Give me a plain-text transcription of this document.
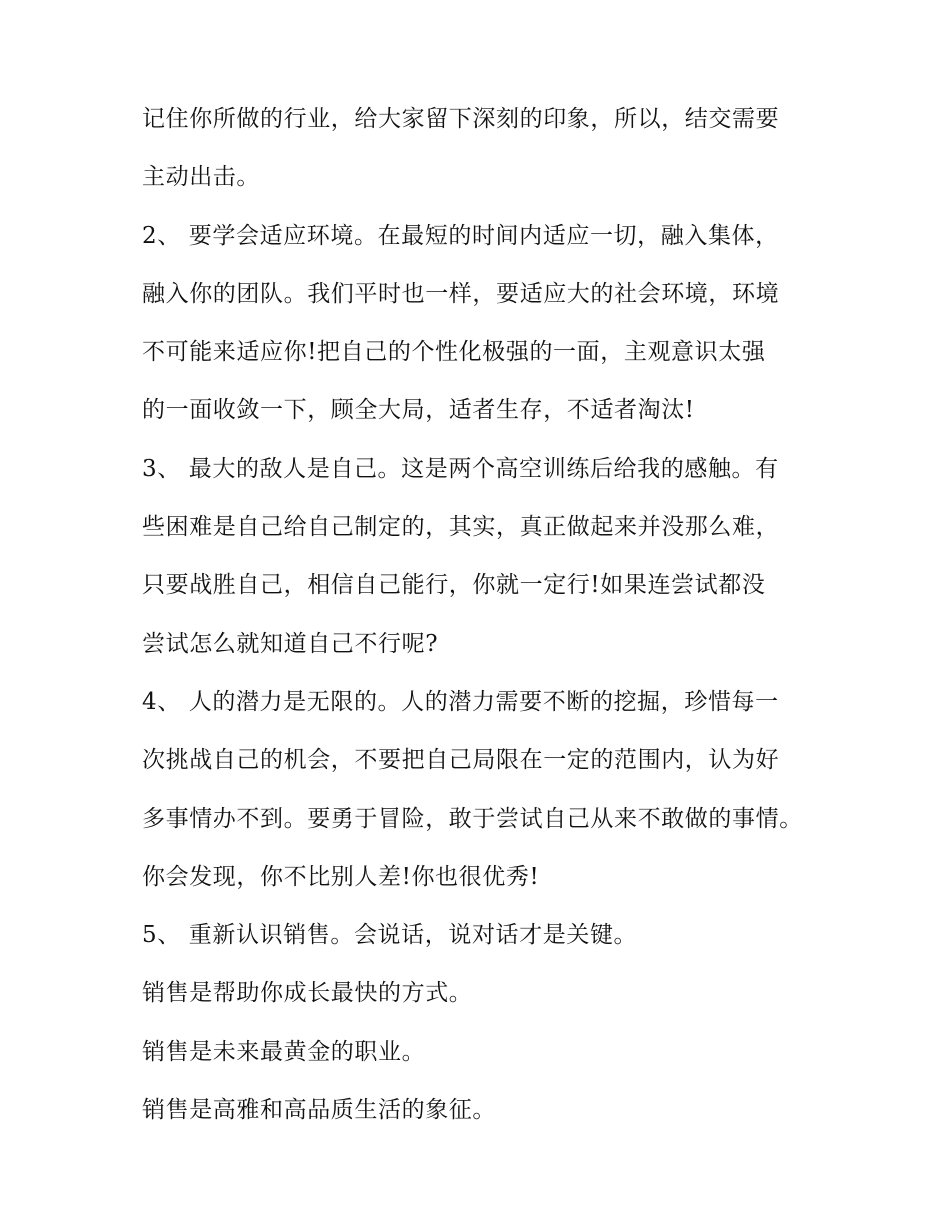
记住你所做的行业，给大家留下深刻的印象，所以，结交需要
主动出击。
2、 要学会适应环境。在最短的时间内适应一切，融入集体，
融入你的团队。我们平时也一样，要适应大的社会环境，环境
不可能来适应你!把自己的个性化极强的一面，主观意识太强
的一面收敛一下，顾全大局，适者生存，不适者淘汰!
3、 最大的敌人是自己。这是两个高空训练后给我的感触。有
些困难是自己给自己制定的，其实，真正做起来并没那么难，
只要战胜自己，相信自己能行，你就一定行!如果连尝试都没
尝试怎么就知道自己不行呢?
4、 人的潜力是无限的。人的潜力需要不断的挖掘，珍惜每一
次挑战自己的机会，不要把自己局限在一定的范围内，认为好
多事情办不到。要勇于冒险，敢于尝试自己从来不敢做的事情。
你会发现，你不比别人差!你也很优秀!
5、 重新认识销售。会说话，说对话才是关键。
销售是帮助你成长最快的方式。
销售是未来最黄金的职业。
销售是高雅和高品质生活的象征。
